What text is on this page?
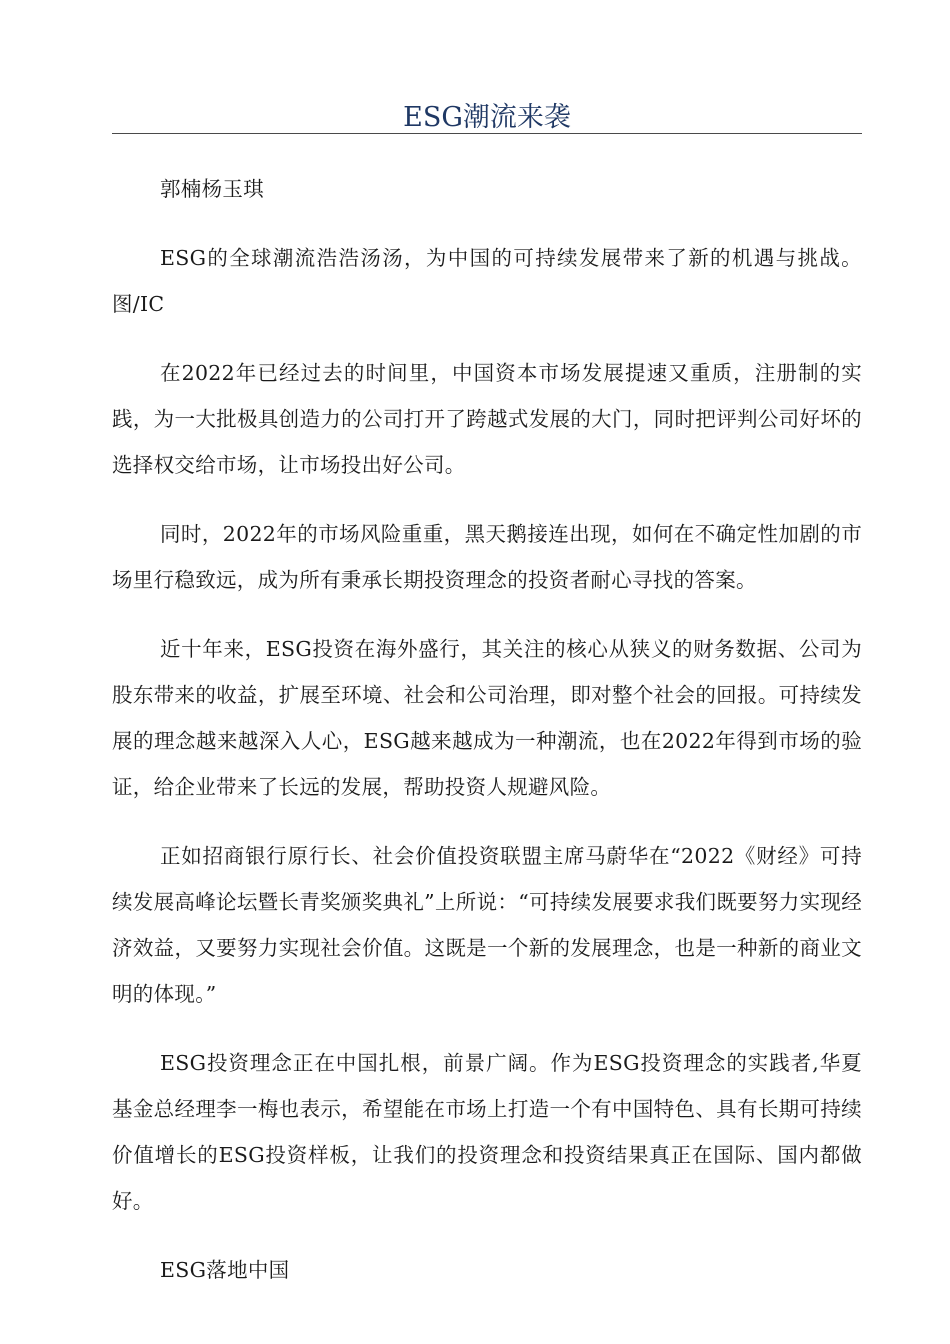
ESG潮流来袭

郭楠杨玉琪

ESG的全球潮流浩浩汤汤，为中国的可持续发展带来了新的机遇与挑战。图/IC

在2022年已经过去的时间里，中国资本市场发展提速又重质，注册制的实践，为一大批极具创造力的公司打开了跨越式发展的大门，同时把评判公司好坏的选择权交给市场，让市场投出好公司。

同时，2022年的市场风险重重，黑天鹅接连出现，如何在不确定性加剧的市场里行稳致远，成为所有秉承长期投资理念的投资者耐心寻找的答案。

近十年来，ESG投资在海外盛行，其关注的核心从狭义的财务数据、公司为股东带来的收益，扩展至环境、社会和公司治理，即对整个社会的回报。可持续发展的理念越来越深入人心，ESG越来越成为一种潮流，也在2022年得到市场的验证，给企业带来了长远的发展，帮助投资人规避风险。

正如招商银行原行长、社会价值投资联盟主席马蔚华在“2022《财经》可持续发展高峰论坛暨长青奖颁奖典礼”上所说：“可持续发展要求我们既要努力实现经济效益，又要努力实现社会价值。这既是一个新的发展理念，也是一种新的商业文明的体现。”

ESG投资理念正在中国扎根，前景广阔。作为ESG投资理念的实践者,华夏基金总经理李一梅也表示，希望能在市场上打造一个有中国特色、具有长期可持续价值增长的ESG投资样板，让我们的投资理念和投资结果真正在国际、国内都做好。

ESG落地中国
